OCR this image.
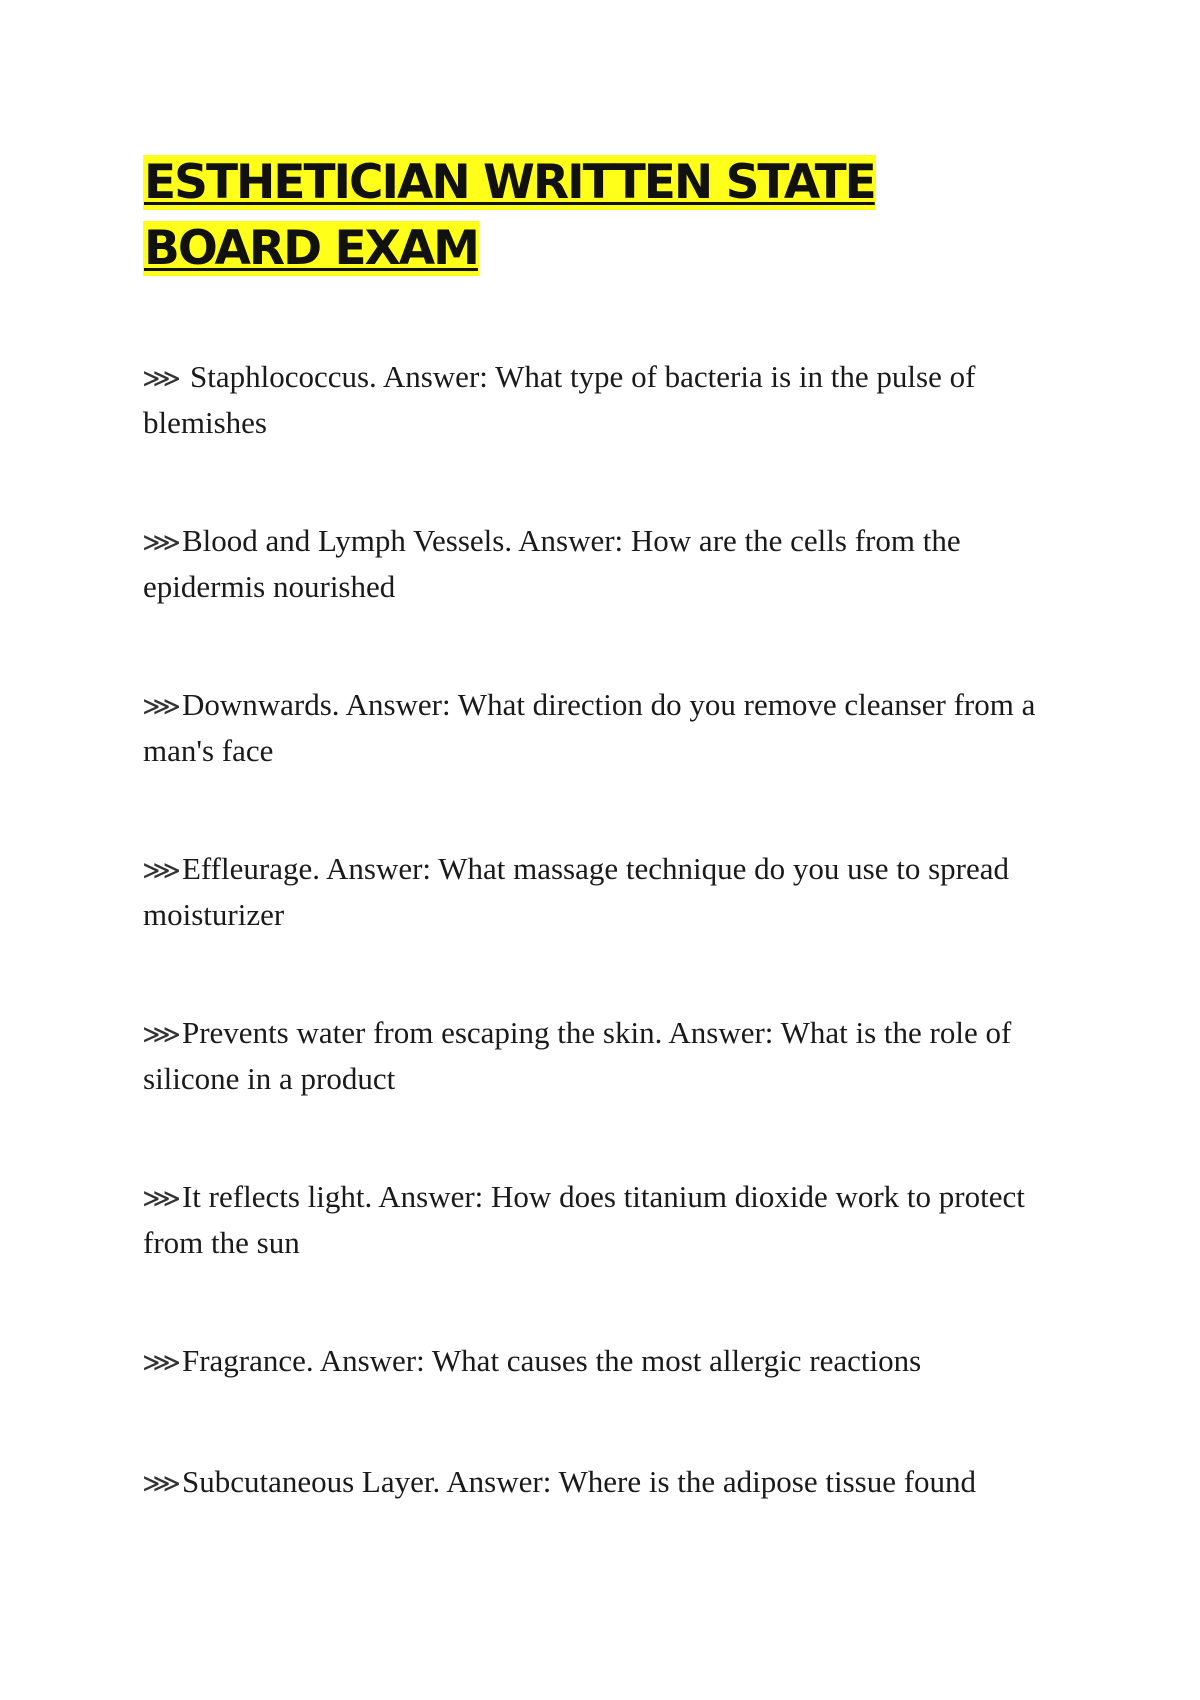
ESTHETICIAN WRITTEN STATE BOARD EXAM
⋙ Staphlococcus. Answer: What type of bacteria is in the pulse of blemishes
⋙Blood and Lymph Vessels. Answer: How are the cells from the epidermis nourished
⋙Downwards. Answer: What direction do you remove cleanser from a man's face
⋙Effleurage. Answer: What massage technique do you use to spread moisturizer
⋙Prevents water from escaping the skin. Answer: What is the role of silicone in a product
⋙It reflects light. Answer: How does titanium dioxide work to protect from the sun
⋙Fragrance. Answer: What causes the most allergic reactions
⋙Subcutaneous Layer. Answer: Where is the adipose tissue found
